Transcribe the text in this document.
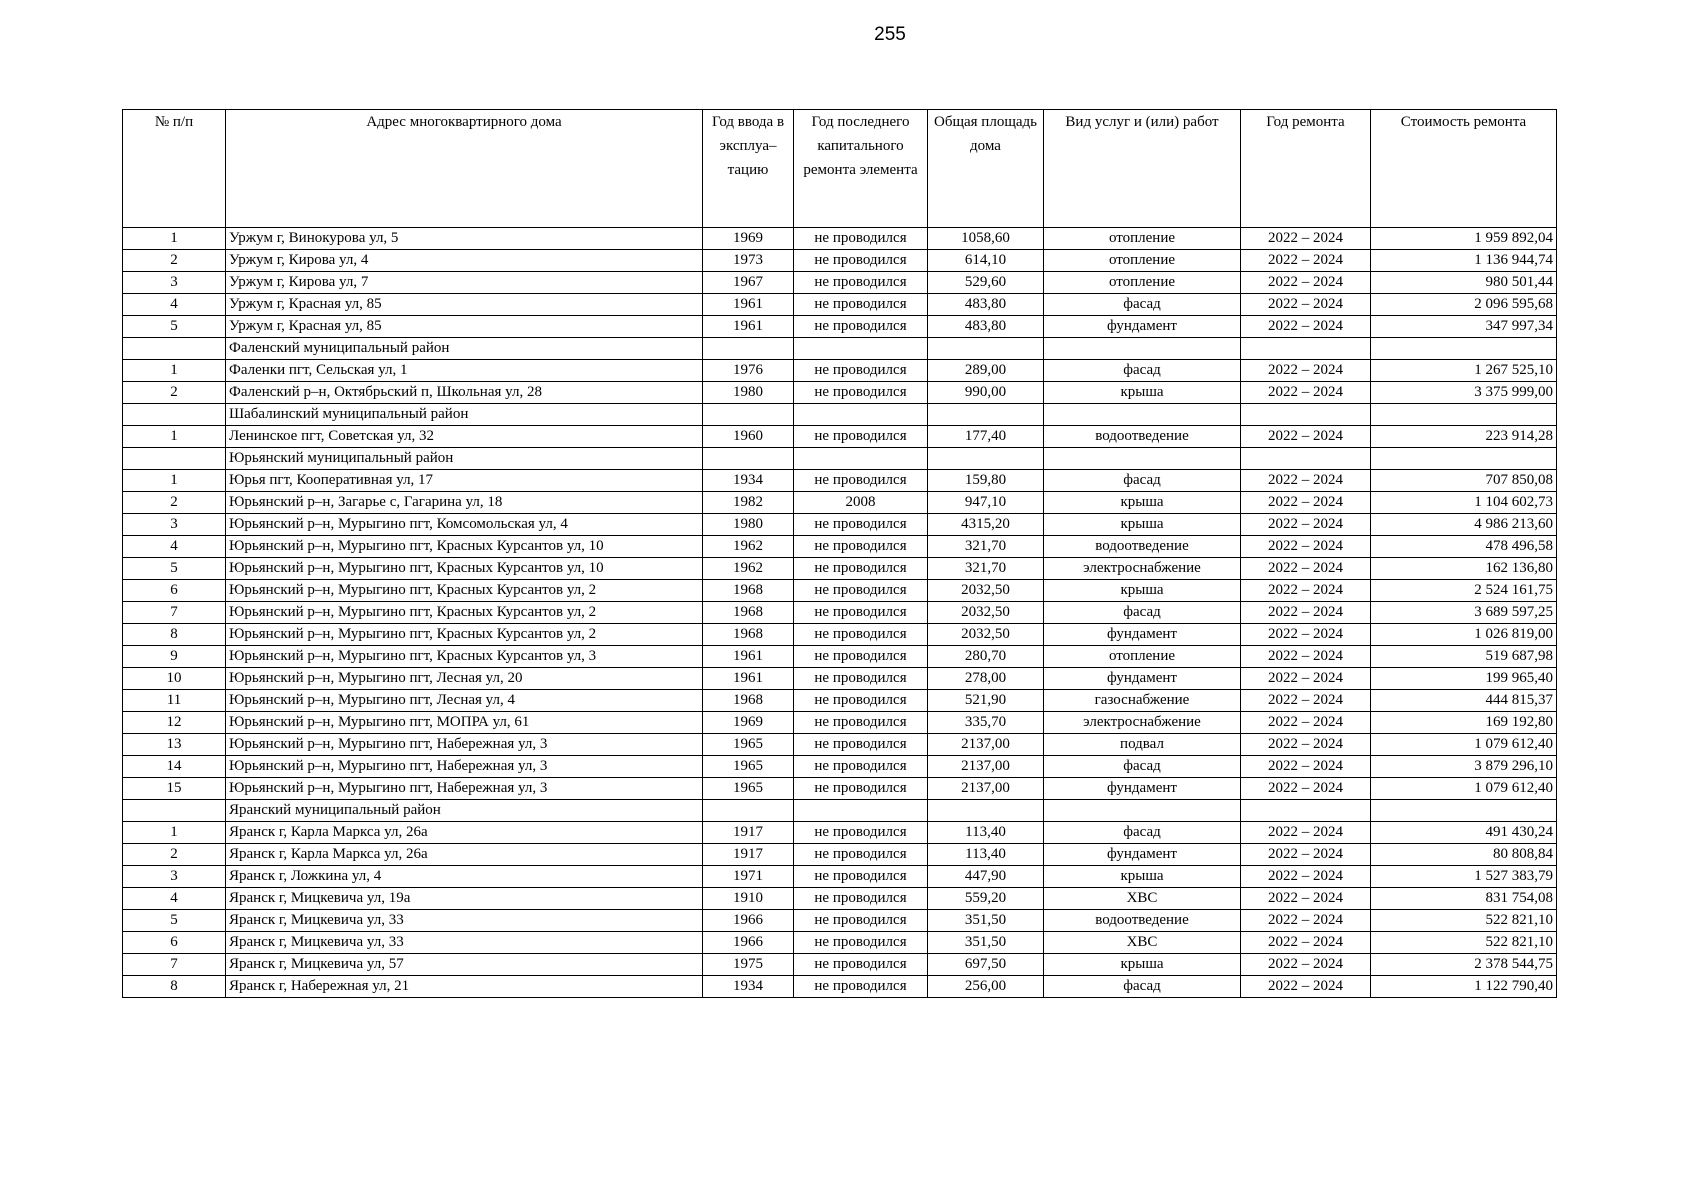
255
№ п/п	Адрес многоквартирного дома	Год ввода в эксплуа–тацию	Год последнего капитального ремонта элемента	Общая площадь дома	Вид услуг и (или) работ	Год ремонта	Стоимость ремонта
1	Уржум г, Винокурова ул, 5	1969	не проводился	1058,60	отопление	2022 – 2024	1 959 892,04
2	Уржум г, Кирова ул, 4	1973	не проводился	614,10	отопление	2022 – 2024	1 136 944,74
3	Уржум г, Кирова ул, 7	1967	не проводился	529,60	отопление	2022 – 2024	980 501,44
4	Уржум г, Красная ул, 85	1961	не проводился	483,80	фасад	2022 – 2024	2 096 595,68
5	Уржум г, Красная ул, 85	1961	не проводился	483,80	фундамент	2022 – 2024	347 997,34
	Фаленский муниципальный район						
1	Фаленки пгт, Сельская ул, 1	1976	не проводился	289,00	фасад	2022 – 2024	1 267 525,10
2	Фаленский р–н, Октябрьский п, Школьная ул, 28	1980	не проводился	990,00	крыша	2022 – 2024	3 375 999,00
	Шабалинский муниципальный район						
1	Ленинское пгт, Советская ул, 32	1960	не проводился	177,40	водоотведение	2022 – 2024	223 914,28
	Юрьянский муниципальный район						
1	Юрья пгт, Кооперативная ул, 17	1934	не проводился	159,80	фасад	2022 – 2024	707 850,08
2	Юрьянский р–н, Загарье с, Гагарина ул, 18	1982	2008	947,10	крыша	2022 – 2024	1 104 602,73
3	Юрьянский р–н, Мурыгино пгт, Комсомольская ул, 4	1980	не проводился	4315,20	крыша	2022 – 2024	4 986 213,60
4	Юрьянский р–н, Мурыгино пгт, Красных Курсантов ул, 10	1962	не проводился	321,70	водоотведение	2022 – 2024	478 496,58
5	Юрьянский р–н, Мурыгино пгт, Красных Курсантов ул, 10	1962	не проводился	321,70	электроснабжение	2022 – 2024	162 136,80
6	Юрьянский р–н, Мурыгино пгт, Красных Курсантов ул, 2	1968	не проводился	2032,50	крыша	2022 – 2024	2 524 161,75
7	Юрьянский р–н, Мурыгино пгт, Красных Курсантов ул, 2	1968	не проводился	2032,50	фасад	2022 – 2024	3 689 597,25
8	Юрьянский р–н, Мурыгино пгт, Красных Курсантов ул, 2	1968	не проводился	2032,50	фундамент	2022 – 2024	1 026 819,00
9	Юрьянский р–н, Мурыгино пгт, Красных Курсантов ул, 3	1961	не проводился	280,70	отопление	2022 – 2024	519 687,98
10	Юрьянский р–н, Мурыгино пгт, Лесная ул, 20	1961	не проводился	278,00	фундамент	2022 – 2024	199 965,40
11	Юрьянский р–н, Мурыгино пгт, Лесная ул, 4	1968	не проводился	521,90	газоснабжение	2022 – 2024	444 815,37
12	Юрьянский р–н, Мурыгино пгт, МОПРА ул, 61	1969	не проводился	335,70	электроснабжение	2022 – 2024	169 192,80
13	Юрьянский р–н, Мурыгино пгт, Набережная ул, 3	1965	не проводился	2137,00	подвал	2022 – 2024	1 079 612,40
14	Юрьянский р–н, Мурыгино пгт, Набережная ул, 3	1965	не проводился	2137,00	фасад	2022 – 2024	3 879 296,10
15	Юрьянский р–н, Мурыгино пгт, Набережная ул, 3	1965	не проводился	2137,00	фундамент	2022 – 2024	1 079 612,40
	Яранский муниципальный район						
1	Яранск г, Карла Маркса ул, 26а	1917	не проводился	113,40	фасад	2022 – 2024	491 430,24
2	Яранск г, Карла Маркса ул, 26а	1917	не проводился	113,40	фундамент	2022 – 2024	80 808,84
3	Яранск г, Ложкина ул, 4	1971	не проводился	447,90	крыша	2022 – 2024	1 527 383,79
4	Яранск г, Мицкевича ул, 19а	1910	не проводился	559,20	ХВС	2022 – 2024	831 754,08
5	Яранск г, Мицкевича ул, 33	1966	не проводился	351,50	водоотведение	2022 – 2024	522 821,10
6	Яранск г, Мицкевича ул, 33	1966	не проводился	351,50	ХВС	2022 – 2024	522 821,10
7	Яранск г, Мицкевича ул, 57	1975	не проводился	697,50	крыша	2022 – 2024	2 378 544,75
8	Яранск г, Набережная ул, 21	1934	не проводился	256,00	фасад	2022 – 2024	1 122 790,40
